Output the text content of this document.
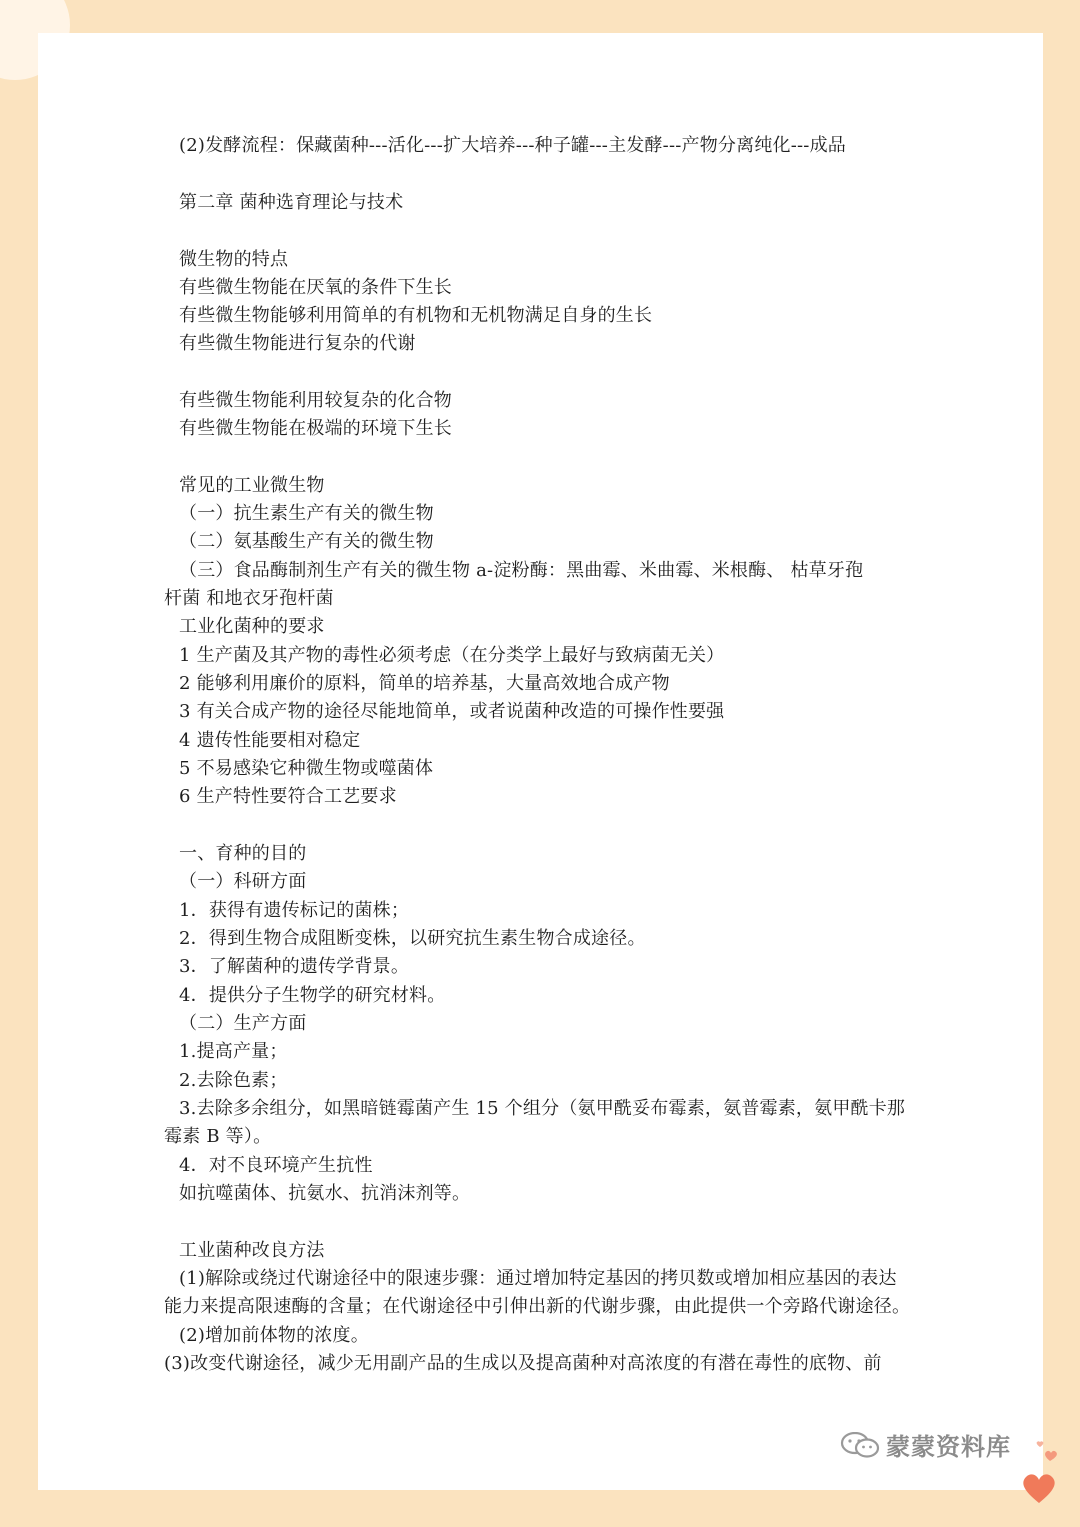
(2)发酵流程：保藏菌种---活化---扩大培养---种子罐---主发酵---产物分离纯化---成品
第二章 菌种选育理论与技术
微生物的特点
有些微生物能在厌氧的条件下生长
有些微生物能够利用简单的有机物和无机物满足自身的生长
有些微生物能进行复杂的代谢
有些微生物能利用较复杂的化合物
有些微生物能在极端的环境下生长
常见的工业微生物
（一）抗生素生产有关的微生物
（二）氨基酸生产有关的微生物
（三）食品酶制剂生产有关的微生物 a-淀粉酶：黑曲霉、米曲霉、米根酶、 枯草牙孢
杆菌 和地衣牙孢杆菌
工业化菌种的要求
1 生产菌及其产物的毒性必须考虑（在分类学上最好与致病菌无关）
2 能够利用廉价的原料，简单的培养基，大量高效地合成产物
3 有关合成产物的途径尽能地简单，或者说菌种改造的可操作性要强
4 遗传性能要相对稳定
5 不易感染它种微生物或噬菌体
6 生产特性要符合工艺要求
一、育种的目的
（一）科研方面
1．获得有遗传标记的菌株；
2．得到生物合成阻断变株，以研究抗生素生物合成途径。
3．了解菌种的遗传学背景。
4．提供分子生物学的研究材料。
（二）生产方面
1.提高产量；
2.去除色素；
3.去除多余组分，如黑暗链霉菌产生 15 个组分（氨甲酰妥布霉素，氨普霉素，氨甲酰卡那
霉素 B 等）。
4．对不良环境产生抗性
如抗噬菌体、抗氨水、抗消沫剂等。
工业菌种改良方法
(1)解除或绕过代谢途径中的限速步骤：通过增加特定基因的拷贝数或增加相应基因的表达
能力来提高限速酶的含量；在代谢途径中引伸出新的代谢步骤，由此提供一个旁路代谢途径。
(2)增加前体物的浓度。
(3)改变代谢途径，减少无用副产品的生成以及提高菌种对高浓度的有潜在毒性的底物、前
蒙蒙资料库
